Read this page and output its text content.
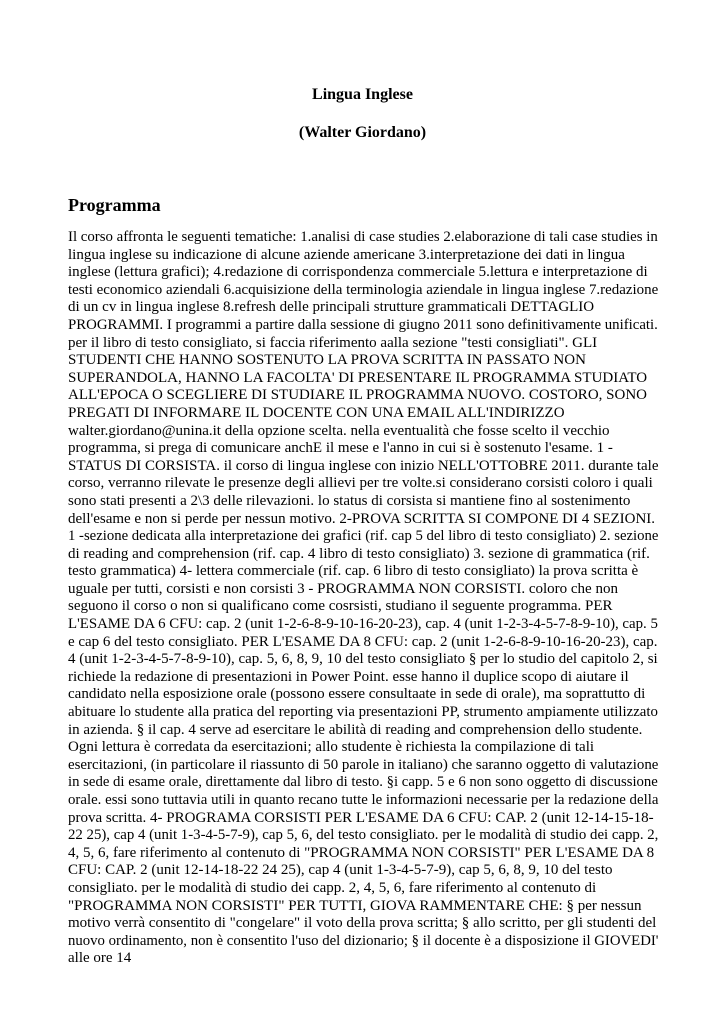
Lingua Inglese
(Walter Giordano)
Programma
Il corso affronta le seguenti tematiche: 1.analisi di case studies 2.elaborazione di tali case studies in
lingua inglese su indicazione di alcune aziende americane 3.interpretazione dei dati in lingua
inglese (lettura grafici); 4.redazione di corrispondenza commerciale 5.lettura e interpretazione di
testi economico aziendali 6.acquisizione della terminologia aziendale in lingua inglese 7.redazione
di un cv in lingua inglese 8.refresh delle principali strutture grammaticali DETTAGLIO
PROGRAMMI. I programmi a partire dalla sessione di giugno 2011 sono definitivamente unificati.
per il libro di testo consigliato, si faccia riferimento aalla sezione "testi consigliati". GLI
STUDENTI CHE HANNO SOSTENUTO LA PROVA SCRITTA IN PASSATO NON
SUPERANDOLA, HANNO LA FACOLTA' DI PRESENTARE IL PROGRAMMA STUDIATO
ALL'EPOCA O SCEGLIERE DI STUDIARE IL PROGRAMMA NUOVO. COSTORO, SONO
PREGATI DI INFORMARE IL DOCENTE CON UNA EMAIL ALL'INDIRIZZO
walter.giordano@unina.it della opzione scelta. nella eventualità che fosse scelto il vecchio
programma, si prega di comunicare anchE il mese e l'anno in cui si è sostenuto l'esame. 1 -
STATUS DI CORSISTA. il corso di lingua inglese con inizio NELL'OTTOBRE 2011. durante tale
corso, verranno rilevate le presenze degli allievi per tre volte.si considerano corsisti coloro i quali
sono stati presenti a 2\3 delle rilevazioni. lo status di corsista si mantiene fino al sostenimento
dell'esame e non si perde per nessun motivo. 2-PROVA SCRITTA SI COMPONE DI 4 SEZIONI.
1 -sezione dedicata alla interpretazione dei grafici (rif. cap 5 del libro di testo consigliato) 2. sezione
di reading and comprehension (rif. cap. 4 libro di testo consigliato) 3. sezione di grammatica (rif.
testo grammatica) 4- lettera commerciale (rif. cap. 6 libro di testo consigliato) la prova scritta è
uguale per tutti, corsisti e non corsisti 3 - PROGRAMMA NON CORSISTI. coloro che non
seguono il corso o non si qualificano come cosrsisti, studiano il seguente programma. PER
L'ESAME DA 6 CFU: cap. 2 (unit 1-2-6-8-9-10-16-20-23), cap. 4 (unit 1-2-3-4-5-7-8-9-10), cap. 5
e cap 6 del testo consigliato. PER L'ESAME DA 8 CFU: cap. 2 (unit 1-2-6-8-9-10-16-20-23), cap.
4 (unit 1-2-3-4-5-7-8-9-10), cap. 5, 6, 8, 9, 10 del testo consigliato § per lo studio del capitolo 2, si
richiede la redazione di presentazioni in Power Point. esse hanno il duplice scopo di aiutare il
candidato nella esposizione orale (possono essere consultaate in sede di orale), ma soprattutto di
abituare lo studente alla pratica del reporting via presentazioni PP, strumento ampiamente utilizzato
in azienda. § il cap. 4 serve ad esercitare le abilità di reading and comprehension dello studente.
Ogni lettura è corredata da esercitazioni; allo studente è richiesta la compilazione di tali
esercitazioni, (in particolare il riassunto di 50 parole in italiano) che saranno oggetto di valutazione
in sede di esame orale, direttamente dal libro di testo. §i capp. 5 e 6 non sono oggetto di discussione
orale. essi sono tuttavia utili in quanto recano tutte le informazioni necessarie per la redazione della
prova scritta. 4- PROGRAMA CORSISTI PER L'ESAME DA 6 CFU: CAP. 2 (unit 12-14-15-18-
22 25), cap 4 (unit 1-3-4-5-7-9), cap 5, 6, del testo consigliato. per le modalità di studio dei capp. 2,
4, 5, 6, fare riferimento al contenuto di "PROGRAMMA NON CORSISTI" PER L'ESAME DA 8
CFU: CAP. 2 (unit 12-14-18-22 24 25), cap 4 (unit 1-3-4-5-7-9), cap 5, 6, 8, 9, 10 del testo
consigliato. per le modalità di studio dei capp. 2, 4, 5, 6, fare riferimento al contenuto di
"PROGRAMMA NON CORSISTI" PER TUTTI, GIOVA RAMMENTARE CHE: § per nessun
motivo verrà consentito di "congelare" il voto della prova scritta; § allo scritto, per gli studenti del
nuovo ordinamento, non è consentito l'uso del dizionario; § il docente è a disposizione il GIOVEDI'
alle ore 14
